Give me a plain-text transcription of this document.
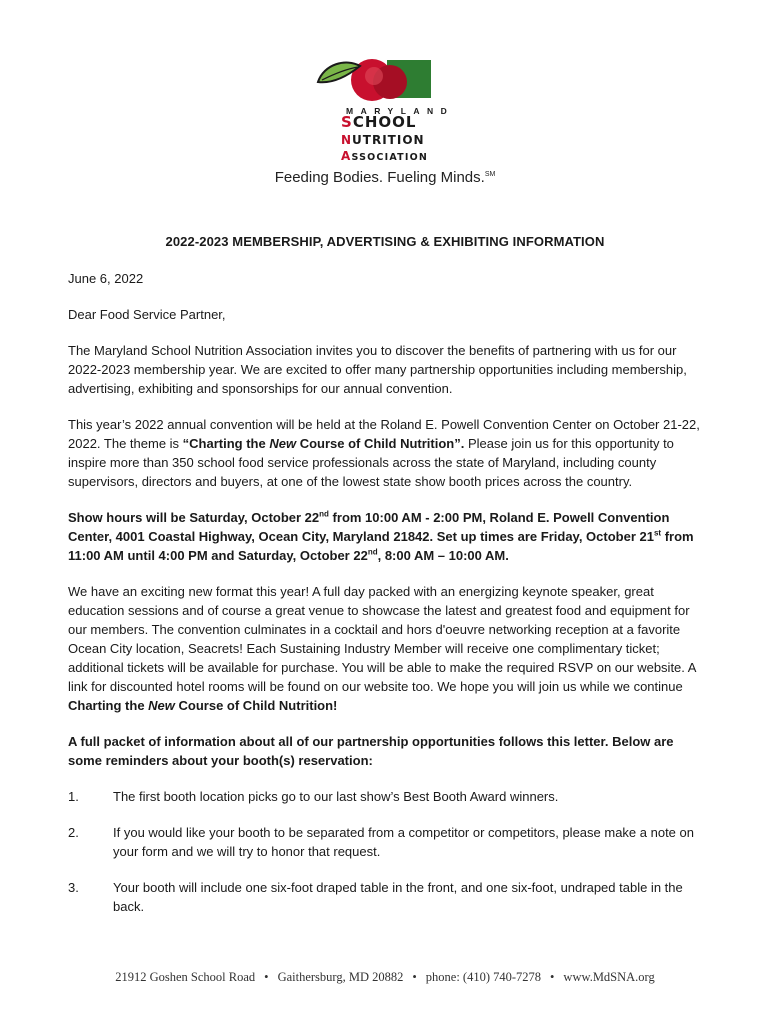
MARYLAND
SCHOOL
NUTRITION
ASSOCIATION
Feeding Bodies. Fueling Minds.℠
2022-2023 MEMBERSHIP, ADVERTISING & EXHIBITING INFORMATION

June 6, 2022

Dear Food Service Partner,

The Maryland School Nutrition Association invites you to discover the benefits of partnering with us for our 2022-2023 membership year. We are excited to offer many partnership opportunities including membership, advertising, exhibiting and sponsorships for our annual convention.

This year’s 2022 annual convention will be held at the Roland E. Powell Convention Center on October 21-22, 2022. The theme is “Charting the New Course of Child Nutrition”. Please join us for this opportunity to inspire more than 350 school food service professionals across the state of Maryland, including county supervisors, directors and buyers, at one of the lowest state show booth prices across the country.

Show hours will be Saturday, October 22nd from 10:00 AM - 2:00 PM, Roland E. Powell Convention Center, 4001 Coastal Highway, Ocean City, Maryland 21842. Set up times are Friday, October 21st from 11:00 AM until 4:00 PM and Saturday, October 22nd, 8:00 AM – 10:00 AM.

We have an exciting new format this year! A full day packed with an energizing keynote speaker, great education sessions and of course a great venue to showcase the latest and greatest food and equipment for our members. The convention culminates in a cocktail and hors d'oeuvre networking reception at a favorite Ocean City location, Seacrets! Each Sustaining Industry Member will receive one complimentary ticket; additional tickets will be available for purchase. You will be able to make the required RSVP on our website. A link for discounted hotel rooms will be found on our website too. We hope you will join us while we continue Charting the New Course of Child Nutrition!

A full packet of information about all of our partnership opportunities follows this letter. Below are some reminders about your booth(s) reservation:

1.	The first booth location picks go to our last show’s Best Booth Award winners.
2.	If you would like your booth to be separated from a competitor or competitors, please make a note on your form and we will try to honor that request.
3.	Your booth will include one six-foot draped table in the front, and one six-foot, undraped table in the back.
21912 Goshen School Road • Gaithersburg, MD 20882 • phone: (410) 740-7278 • www.MdSNA.org
